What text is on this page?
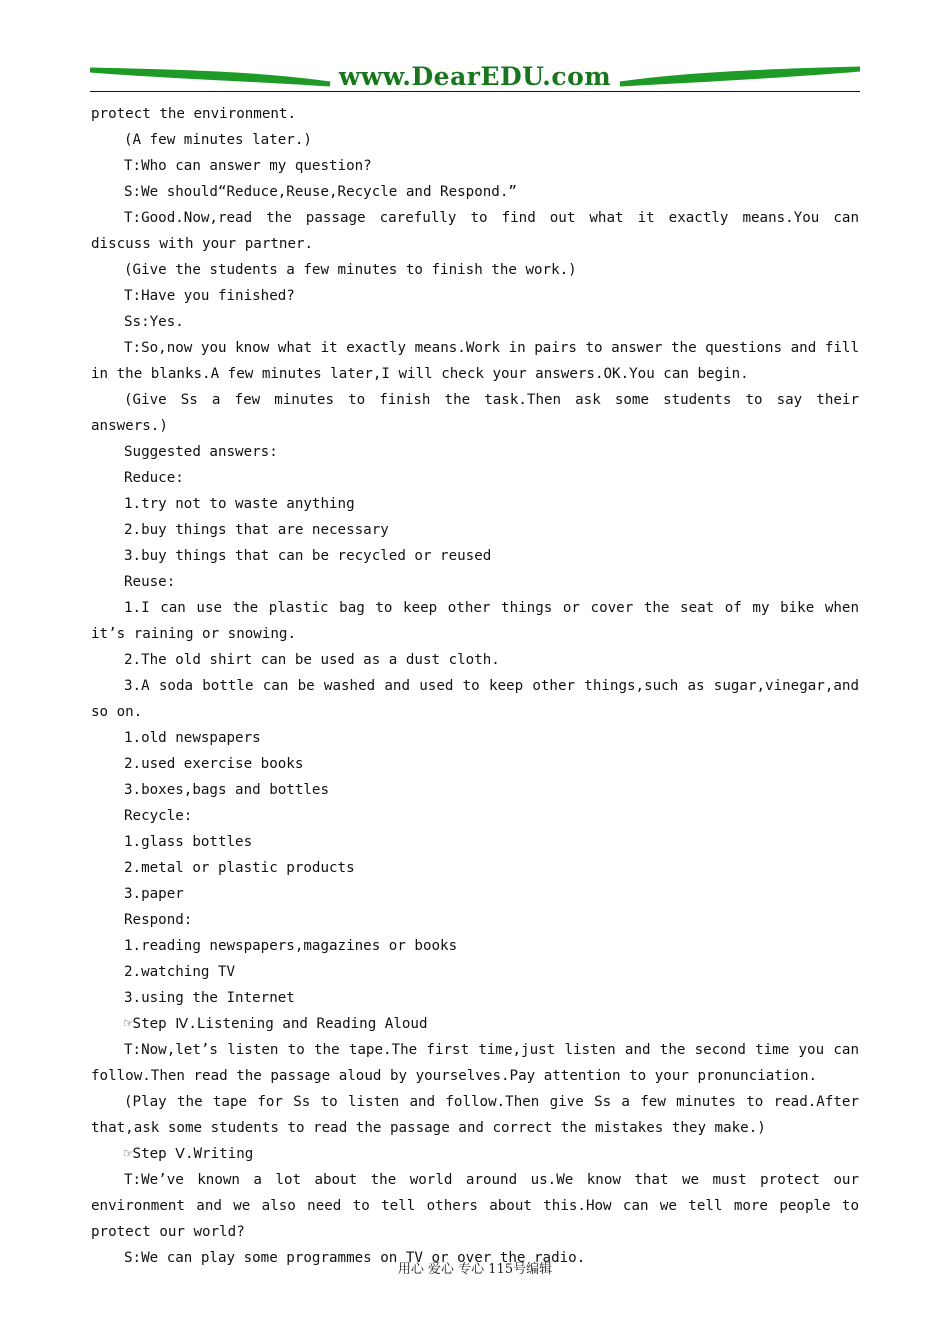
www.DearEDU.com

protect the environment.

(A few minutes later.)

T:Who can answer my question?

S:We should“Reduce,Reuse,Recycle and Respond.”

T:Good.Now,read the passage carefully to find out what it exactly means.You can discuss with your partner.

(Give the students a few minutes to finish the work.)

T:Have you finished?

Ss:Yes.

T:So,now you know what it exactly means.Work in pairs to answer the questions and fill in the blanks.A few minutes later,I will check your answers.OK.You can begin.

(Give Ss a few minutes to finish the task.Then ask some students to say their answers.)

Suggested answers:

Reduce:

1.try not to waste anything

2.buy things that are necessary

3.buy things that can be recycled or reused

Reuse:

1.I can use the plastic bag to keep other things or cover the seat of my bike when it’s raining or snowing.

2.The old shirt can be used as a dust cloth.

3.A soda bottle can be washed and used to keep other things,such as sugar,vinegar,and so on.

1.old newspapers

2.used exercise books

3.boxes,bags and bottles

Recycle:

1.glass bottles

2.metal or plastic products

3.paper

Respond:

1.reading newspapers,magazines or books

2.watching TV

3.using the Internet

☞Step Ⅳ.Listening and Reading Aloud

T:Now,let’s listen to the tape.The first time,just listen and the second time you can follow.Then read the passage aloud by yourselves.Pay attention to your pronunciation.

(Play the tape for Ss to listen and follow.Then give Ss a few minutes to read.After that,ask some students to read the passage and correct the mistakes they make.)

☞Step Ⅴ.Writing

T:We’ve known a lot about the world around us.We know that we must protect our environment and we also need to tell others about this.How can we tell more people to protect our world?

S:We can play some programmes on TV or over the radio.

用心 爱心 专心 115号编辑
